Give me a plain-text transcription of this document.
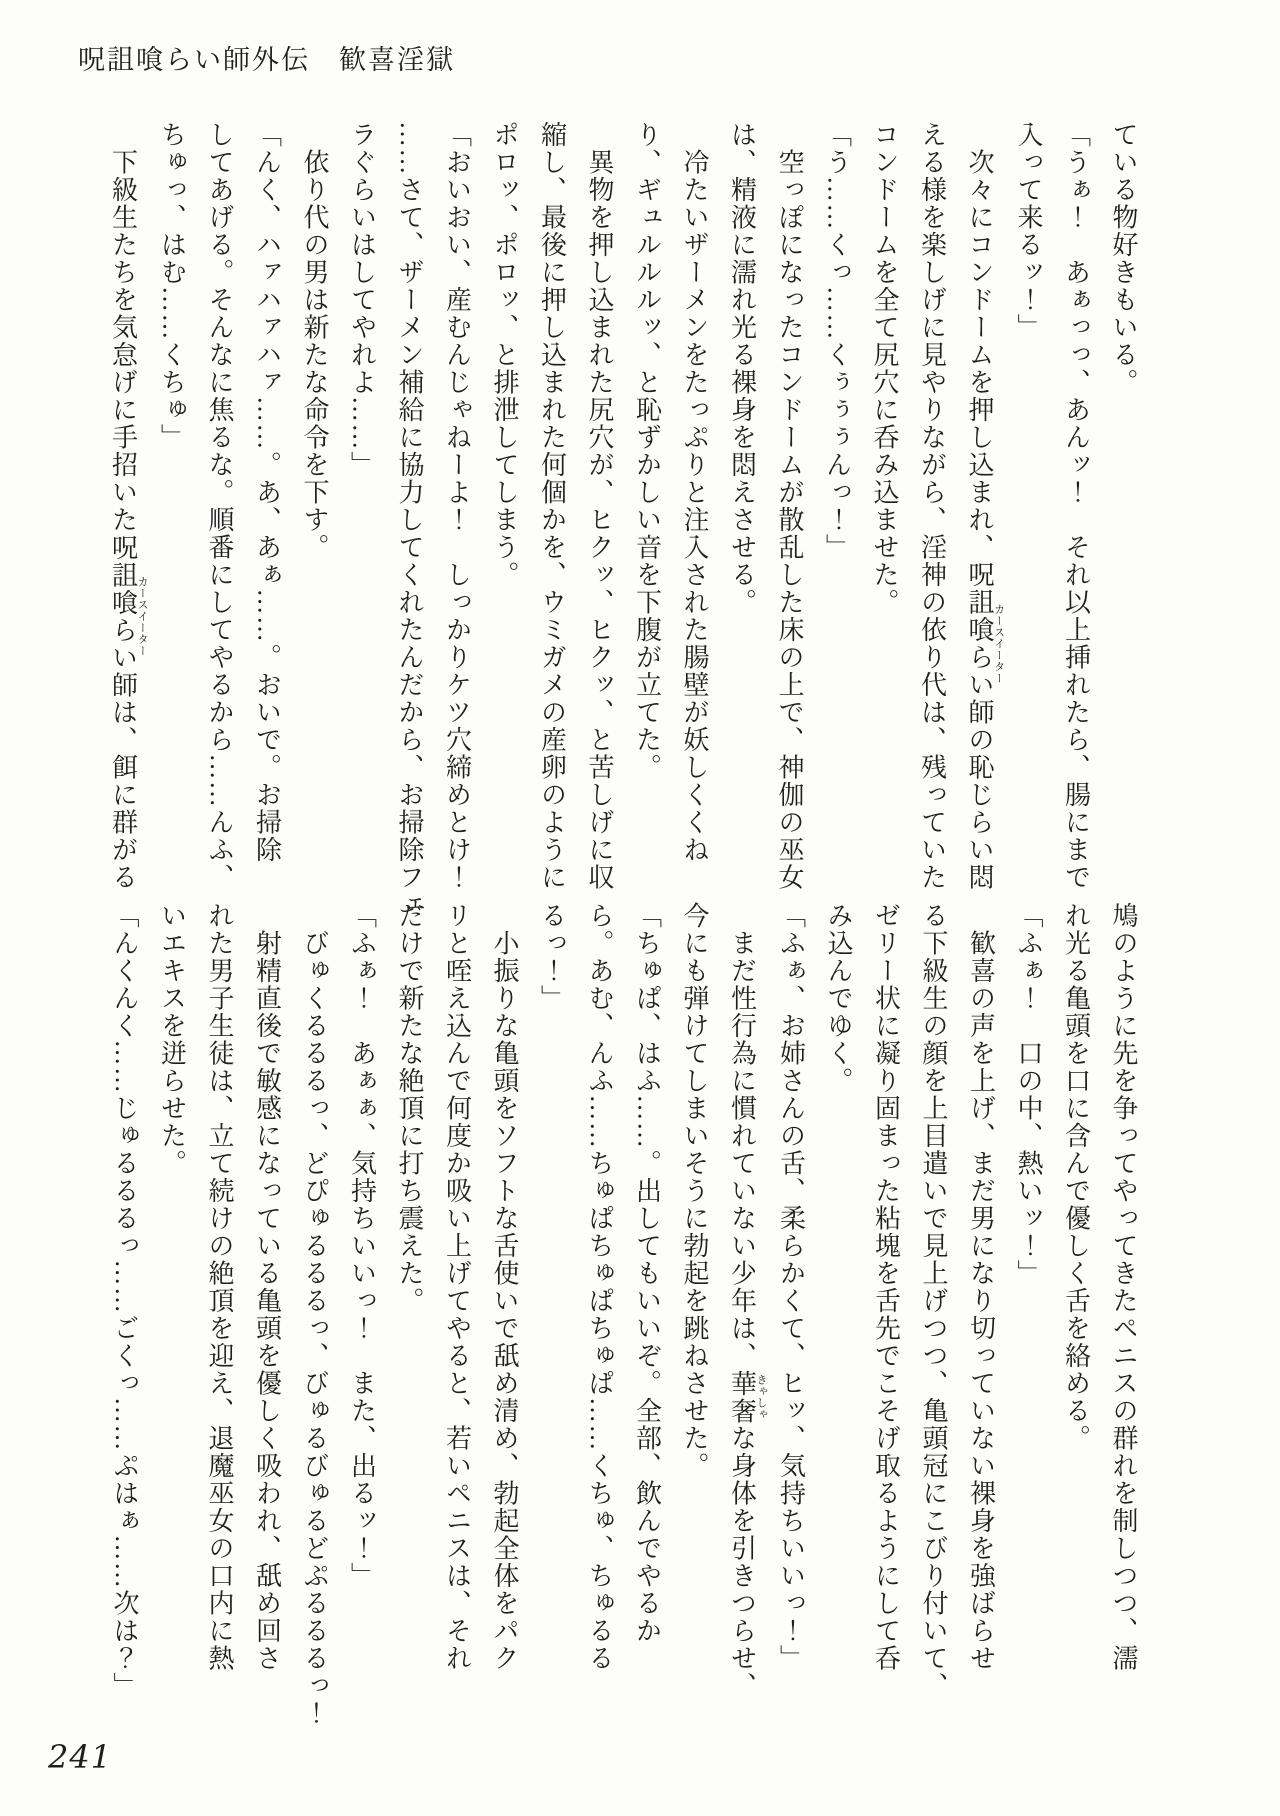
呪詛喰らい師外伝　歓喜淫獄
ている物好きもいる。
「うぁ！　あぁっっ、あんッ！　それ以上挿れたら、腸にまで
入って来るッ！」
　次々にコンドームを押し込まれ、呪詛喰らい師カースイーターの恥じらい悶
える様を楽しげに見やりながら、淫神の依り代は、残っていた
コンドームを全て尻穴に呑み込ませた。
「う……くっ……くぅぅぅんっ！」
　空っぽになったコンドームが散乱した床の上で、神伽の巫女
は、精液に濡れ光る裸身を悶えさせる。
　冷たいザーメンをたっぷりと注入された腸壁が妖しくくね
り、ギュルルルッ、と恥ずかしい音を下腹が立てた。
　異物を押し込まれた尻穴が、ヒクッ、ヒクッ、と苦しげに収
縮し、最後に押し込まれた何個かを、ウミガメの産卵のように
ポロッ、ポロッ、と排泄してしまう。
「おいおい、産むんじゃねーよ！　しっかりケツ穴締めとけ！
……さて、ザーメン補給に協力してくれたんだから、お掃除フェ
ラぐらいはしてやれよ……」
　依り代の男は新たな命令を下す。
「んく、ハァハァハァ……。あ、あぁ……。おいで。お掃除
してあげる。そんなに焦るな。順番にしてやるから……んふ、
ちゅっ、はむ……くちゅ」
　下級生たちを気怠げに手招いた呪詛喰らい師カースイーターは、餌に群がる
鳩のように先を争ってやってきたペニスの群れを制しつつ、濡
れ光る亀頭を口に含んで優しく舌を絡める。
「ふぁ！　口の中、熱いッ！」
　歓喜の声を上げ、まだ男になり切っていない裸身を強ばらせ
る下級生の顔を上目遣いで見上げつつ、亀頭冠にこびり付いて、
ゼリー状に凝り固まった粘塊を舌先でこそげ取るようにして呑
み込んでゆく。
「ふぁ、お姉さんの舌、柔らかくて、ヒッ、気持ちいいっ！」
　まだ性行為に慣れていない少年は、華奢きゃしゃな身体を引きつらせ、
今にも弾けてしまいそうに勃起を跳ねさせた。
「ちゅぱ、はふ……。出してもいいぞ。全部、飲んでやるか
ら。あむ、んふ……ちゅぱちゅぱちゅぱ……くちゅ、ちゅるる
るっ！」
　小振りな亀頭をソフトな舌使いで舐め清め、勃起全体をパク
リと咥え込んで何度か吸い上げてやると、若いペニスは、それ
だけで新たな絶頂に打ち震えた。
「ふぁ！　あぁぁ、気持ちいいっ！　また、出るッ！」
　びゅくるるるっ、どぴゅるるるっ、びゅるびゅるどぷるるるっ！
　射精直後で敏感になっている亀頭を優しく吸われ、舐め回さ
れた男子生徒は、立て続けの絶頂を迎え、退魔巫女の口内に熱
いエキスを迸らせた。
「んくんく……じゅるるるっ……ごくっ……ぷはぁ……次は？」
241
